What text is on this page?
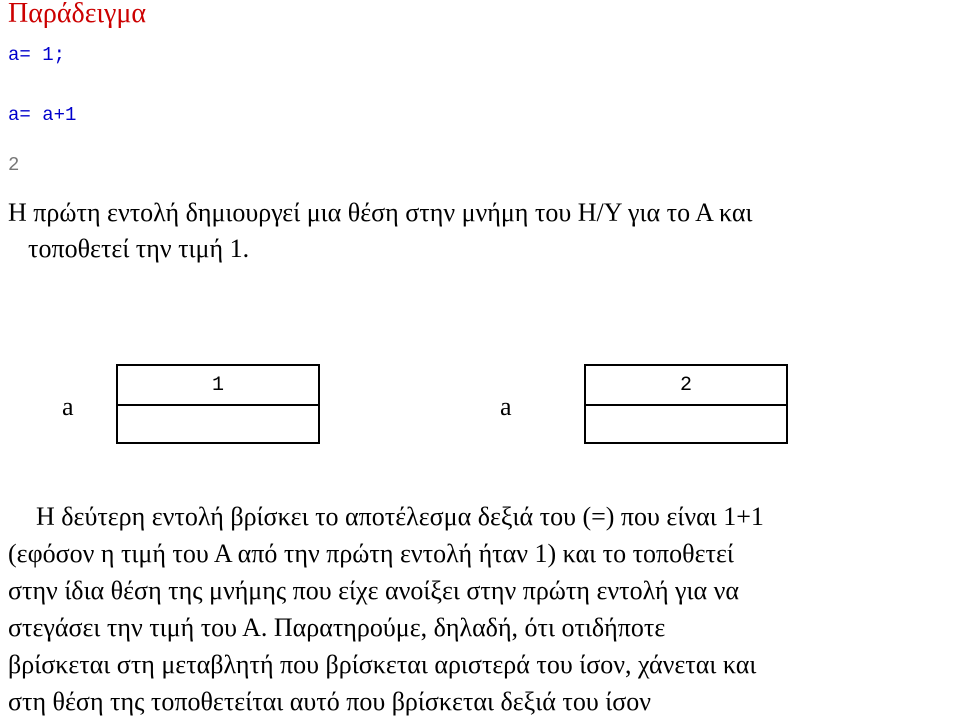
Παράδειγμα
a= 1;
a= a+1
2
Η πρώτη εντολή δημιουργεί μια θέση στην μνήμη του Η/Υ για το Α και
τοποθετεί την τιμή 1.
a
1
a
2
Η δεύτερη εντολή βρίσκει το αποτέλεσμα δεξιά του (=) που είναι 1+1
(εφόσον η τιμή του Α από την πρώτη εντολή ήταν 1) και το τοποθετεί
στην ίδια θέση της μνήμης που είχε ανοίξει στην πρώτη εντολή για να
στεγάσει την τιμή του Α. Παρατηρούμε, δηλαδή, ότι οτιδήποτε
βρίσκεται στη μεταβλητή που βρίσκεται αριστερά του ίσον, χάνεται και
στη θέση της τοποθετείται αυτό που βρίσκεται δεξιά του ίσον
